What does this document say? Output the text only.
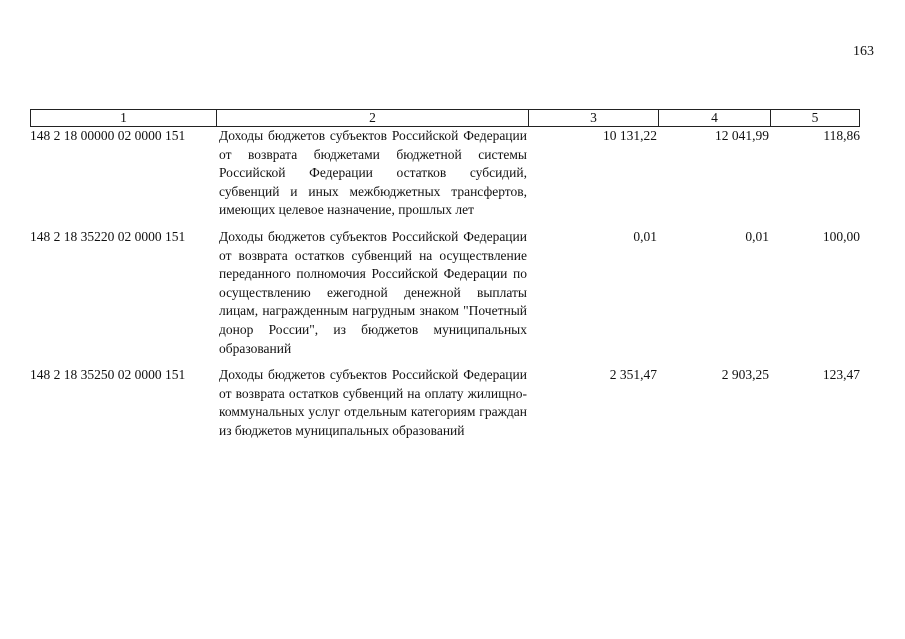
163
1	2	3	4	5
148 2 18 00000 02 0000 151	Доходы бюджетов субъектов Российской Федерации от возврата бюджетами бюджетной системы Российской Федерации остатков субсидий, субвенций и иных межбюджетных трансфертов, имеющих целевое назначение, прошлых лет	10 131,22	12 041,99	118,86

148 2 18 35220 02 0000 151	Доходы бюджетов субъектов Российской Федерации от возврата остатков субвенций на осуществление переданного полномочия Российской Федерации по осуществлению ежегодной денежной выплаты лицам, награжденным нагрудным знаком "Почетный донор России", из бюджетов муниципальных образований	0,01	0,01	100,00

148 2 18 35250 02 0000 151	Доходы бюджетов субъектов Российской Федерации от возврата остатков субвенций на оплату жилищно-коммунальных услуг отдельным категориям граждан из бюджетов муниципальных образований	2 351,47	2 903,25	123,47
